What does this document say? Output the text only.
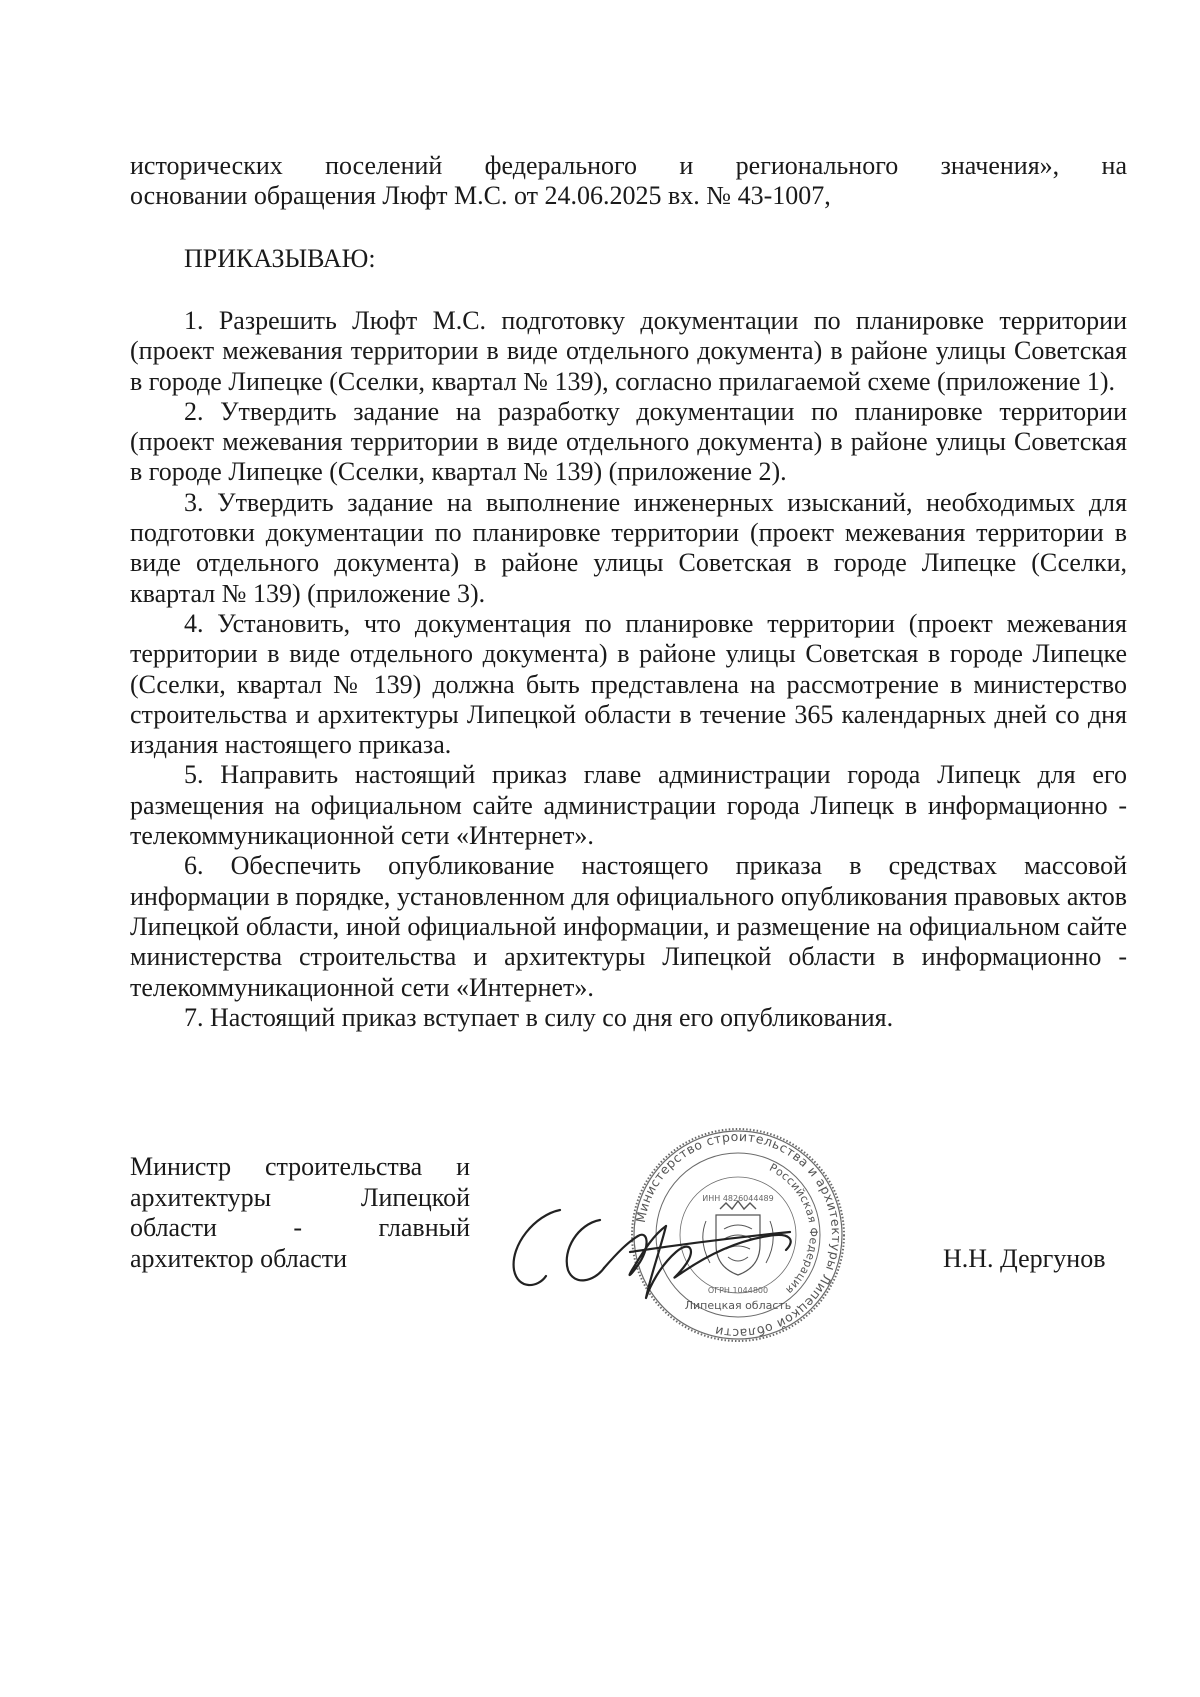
исторических поселений федерального и регионального значения», на

основании обращения Люфт М.С. от 24.06.2025 вх. № 43-1007,

ПРИКАЗЫВАЮ:

1. Разрешить Люфт М.С. подготовку документации по планировке территории (проект межевания территории в виде отдельного документа) в районе улицы Советская в городе Липецке (Сселки, квартал № 139), согласно прилагаемой схеме (приложение 1).

2. Утвердить задание на разработку документации по планировке территории (проект межевания территории в виде отдельного документа) в районе улицы Советская в городе Липецке (Сселки, квартал № 139) (приложение 2).

3. Утвердить задание на выполнение инженерных изысканий, необходимых для подготовки документации по планировке территории (проект межевания территории в виде отдельного документа) в районе улицы Советская в городе Липецке (Сселки, квартал № 139) (приложение 3).

4. Установить, что документация по планировке территории (проект межевания территории в виде отдельного документа) в районе улицы Советская в городе Липецке (Сселки, квартал № 139) должна быть представлена на рассмотрение в министерство строительства и архитектуры Липецкой области в течение 365 календарных дней со дня издания настоящего приказа.

5. Направить настоящий приказ главе администрации города Липецк для его размещения на официальном сайте администрации города Липецк в информационно - телекоммуникационной сети «Интернет».

6. Обеспечить опубликование настоящего приказа в средствах массовой информации в порядке, установленном для официального опубликования правовых актов Липецкой области, иной официальной информации, и размещение на официальном сайте министерства строительства и архитектуры Липецкой области в информационно - телекоммуникационной сети «Интернет».

7. Настоящий приказ вступает в силу со дня его опубликования.

Министр строительства и
архитектуры Липецкой
области - главный
архитектор области
Министерство строительства и архитектуры Липецкой области
Российская Федерация
ИНН 4826044489
ОГРН 1044800
Липецкая область
Н.Н. Дергунов
